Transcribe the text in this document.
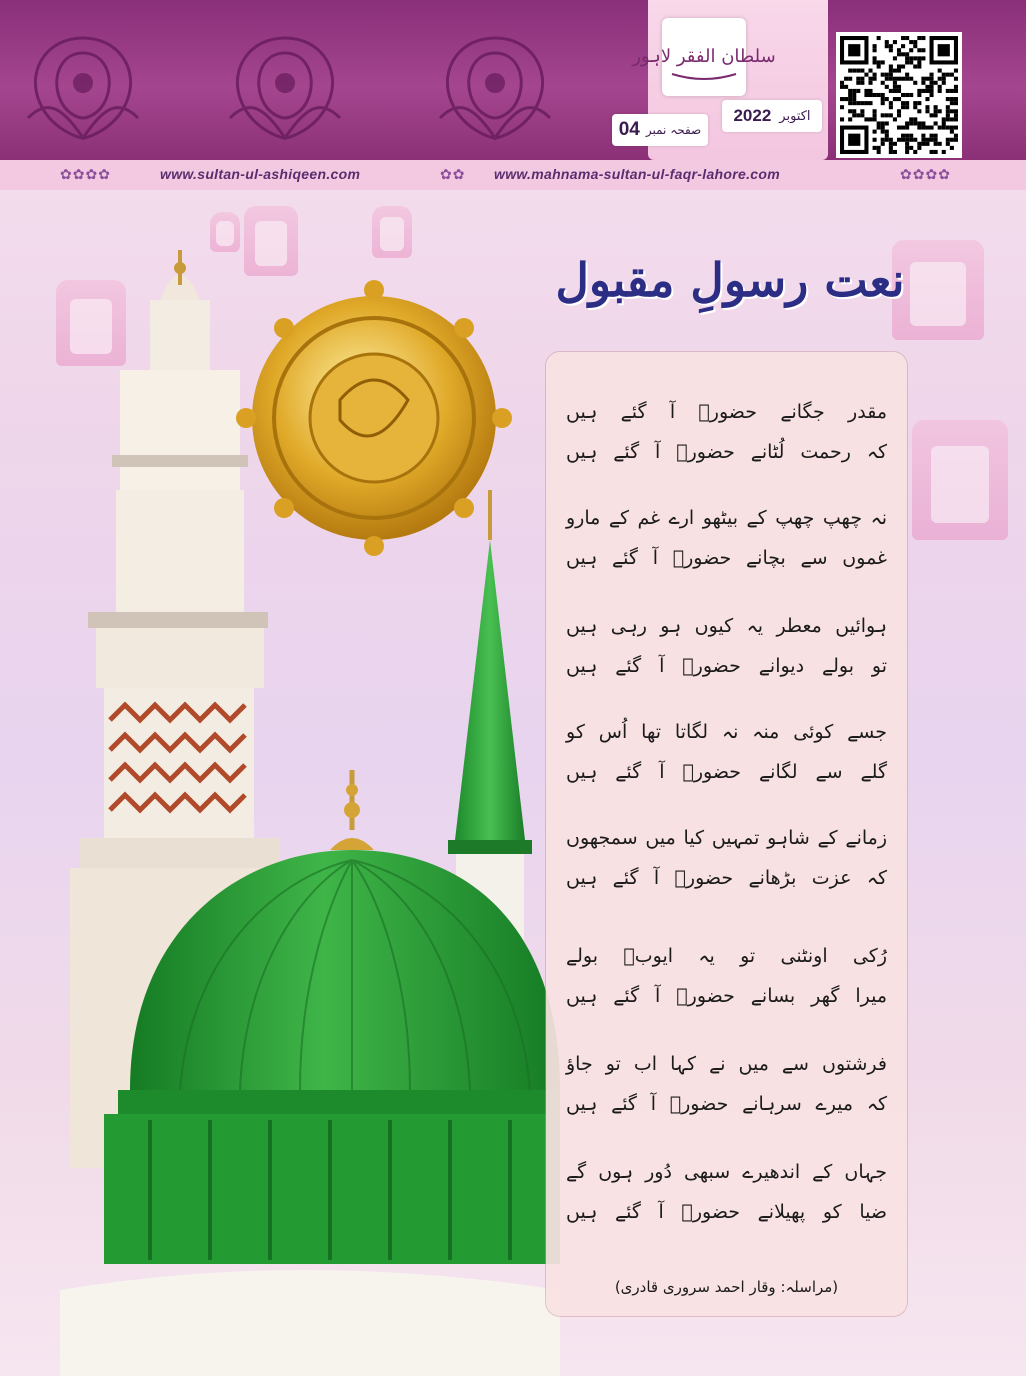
سلطان الفقر لاہور
2022 اکتوبر
04 صفحہ نمبر
✿✿✿✿	www.sultan-ul-ashiqeen.com	✿✿ www.mahnama-sultan-ul-faqr-lahore.com	✿✿✿✿
نعت رسولِ مقبول
مقدر جگانے حضورؐ آ گئے ہیں
کہ رحمت لُٹانے حضورؐ آ گئے ہیں
نہ چھپ چھپ کے بیٹھو ارے غم کے مارو
غموں سے بچانے حضورؐ آ گئے ہیں
ہوائیں معطر یہ کیوں ہو رہی ہیں
تو بولے دیوانے حضورؐ آ گئے ہیں
جسے کوئی منہ نہ لگاتا تھا اُس کو
گلے سے لگانے حضورؐ آ گئے ہیں
زمانے کے شاہو تمہیں کیا میں سمجھوں
کہ عزت بڑھانے حضورؐ آ گئے ہیں
رُکی اونٹنی تو یہ ایوبؓ بولے
میرا گھر بسانے حضورؐ آ گئے ہیں
فرشتوں سے میں نے کہا اب تو جاؤ
کہ میرے سرہانے حضورؐ آ گئے ہیں
جہاں کے اندھیرے سبھی دُور ہوں گے
ضیا کو پھیلانے حضورؐ آ گئے ہیں
(مراسلہ: وقار احمد سروری قادری)
